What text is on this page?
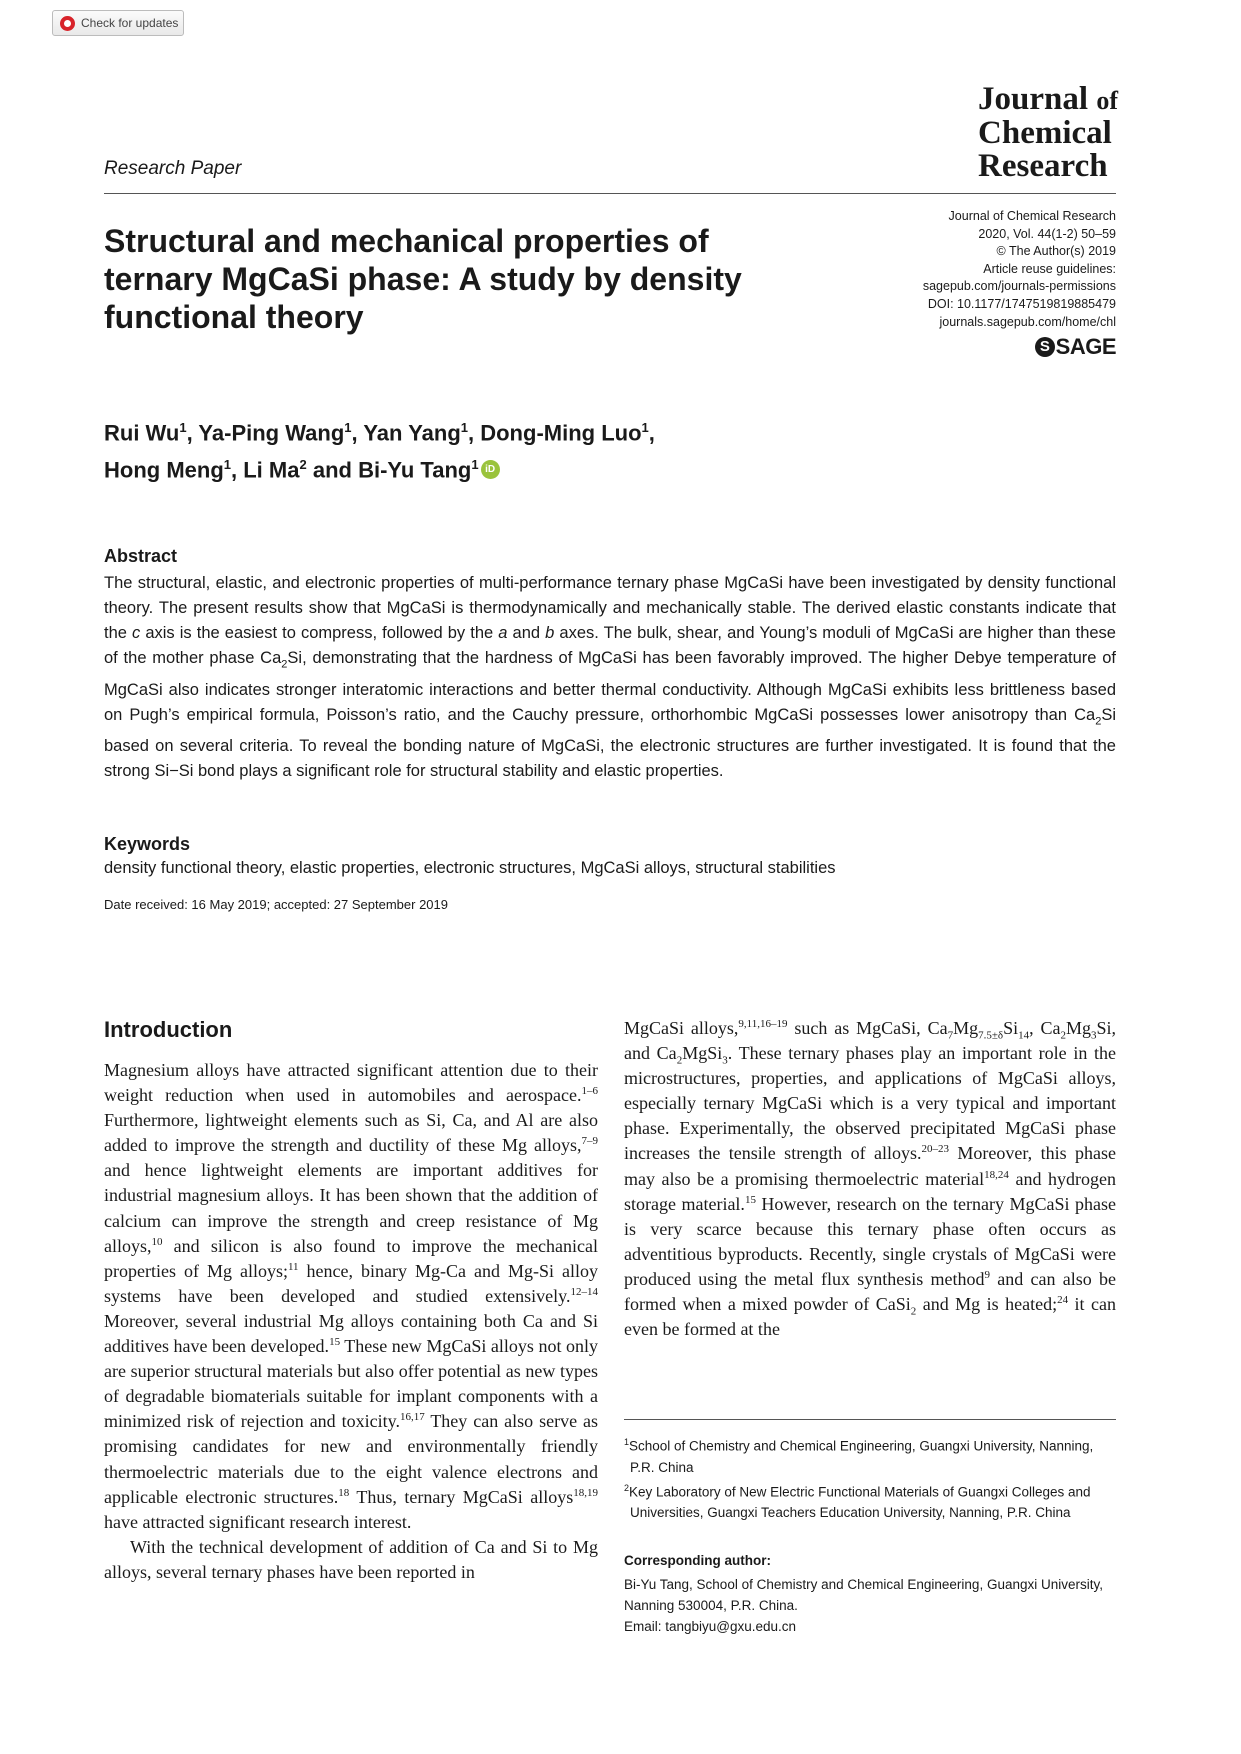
Check for updates
Research Paper
Journal of
Chemical
Research
Journal of Chemical Research
2020, Vol. 44(1-2) 50–59
© The Author(s) 2019
Article reuse guidelines:
sagepub.com/journals-permissions
DOI: 10.1177/1747519819885479
journals.sagepub.com/home/chl
S SAGE
Structural and mechanical properties of ternary MgCaSi phase: A study by density functional theory
Rui Wu$^1$, Ya-Ping Wang$^1$, Yan Yang$^1$, Dong-Ming Luo$^1$,
Hong Meng$^1$, Li Ma$^2$ and Bi-Yu Tang$^1$ iD
Abstract

The structural, elastic, and electronic properties of multi-performance ternary phase MgCaSi have been investigated by density functional theory. The present results show that MgCaSi is thermodynamically and mechanically stable. The derived elastic constants indicate that the c axis is the easiest to compress, followed by the a and b axes. The bulk, shear, and Young’s moduli of MgCaSi are higher than these of the mother phase $Ca_2Si$, demonstrating that the hardness of MgCaSi has been favorably improved. The higher Debye temperature of MgCaSi also indicates stronger interatomic interactions and better thermal conductivity. Although MgCaSi exhibits less brittleness based on Pugh’s empirical formula, Poisson’s ratio, and the Cauchy pressure, orthorhombic MgCaSi possesses lower anisotropy than $Ca_2Si$ based on several criteria. To reveal the bonding nature of MgCaSi, the electronic structures are further investigated. It is found that the strong Si−Si bond plays a significant role for structural stability and elastic properties.

Keywords
density functional theory, elastic properties, electronic structures, MgCaSi alloys, structural stabilities
Date received: 16 May 2019; accepted: 27 September 2019
Introduction

Magnesium alloys have attracted significant attention due to their weight reduction when used in automobiles and aerospace.$^{1-6}$ Furthermore, lightweight elements such as Si, Ca, and Al are also added to improve the strength and ductility of these Mg alloys,$^{7-9}$ and hence lightweight elements are important additives for industrial magnesium alloys. It has been shown that the addition of calcium can improve the strength and creep resistance of Mg alloys,$^{10}$ and silicon is also found to improve the mechanical properties of Mg alloys;$^{11}$ hence, binary Mg-Ca and Mg-Si alloy systems have been developed and studied extensively.$^{12-14}$ Moreover, several industrial Mg alloys containing both Ca and Si additives have been developed.$^{15}$ These new MgCaSi alloys not only are superior structural materials but also offer potential as new types of degradable biomaterials suitable for implant components with a minimized risk of rejection and toxicity.$^{16,17}$ They can also serve as promising candidates for new and environmentally friendly thermoelectric materials due to the eight valence electrons and applicable electronic structures.$^{18}$ Thus, ternary MgCaSi alloys$^{18,19}$ have attracted significant research interest.

With the technical development of addition of Ca and Si to Mg alloys, several ternary phases have been reported in

MgCaSi alloys,$^{9,11,16-19}$ such as MgCaSi, $Ca_7Mg_{7.5\pm\delta}Si_{14}$, $Ca_2Mg_3Si$, and $Ca_2MgSi_3$. These ternary phases play an important role in the microstructures, properties, and applications of MgCaSi alloys, especially ternary MgCaSi which is a very typical and important phase. Experimentally, the observed precipitated MgCaSi phase increases the tensile strength of alloys.$^{20-23}$ Moreover, this phase may also be a promising thermoelectric material$^{18,24}$ and hydrogen storage material.$^{15}$ However, research on the ternary MgCaSi phase is very scarce because this ternary phase often occurs as adventitious byproducts. Recently, single crystals of MgCaSi were produced using the metal flux synthesis method$^9$ and can also be formed when a mixed powder of CaSi$_2$ and Mg is heated;$^{24}$ it can even be formed at the

$^1$School of Chemistry and Chemical Engineering, Guangxi University, Nanning, P.R. China

$^2$Key Laboratory of New Electric Functional Materials of Guangxi Colleges and Universities, Guangxi Teachers Education University, Nanning, P.R. China

Corresponding author:
Bi-Yu Tang, School of Chemistry and Chemical Engineering, Guangxi University, Nanning 530004, P.R. China.
Email: tangbiyu@gxu.edu.cn
